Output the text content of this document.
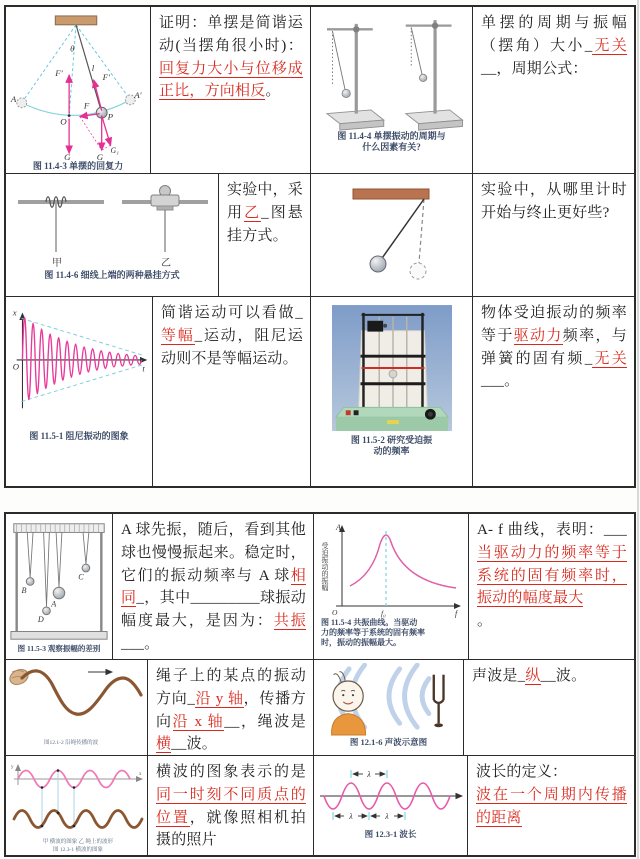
θ
l
F′	F′
F
P
O
A	A′
G	G
G₁
图 11.4-3 单摆的回复力
证明：单摆是简谐运动(当摆角很小时)：回复力大小与位移成正比，方向相反。
图 11.4-4 单摆振动的周期与
什么因素有关?
单摆的周期与振幅（摆角）大小_无关__，周期公式：
甲	乙
图 11.4-6 细线上端的两种悬挂方式
实验中，采用乙_图悬挂方式。
实验中，从哪里计时开始与终止更好些?
x
O	t
图 11.5-1 阻尼振动的图象
简谐运动可以看做_等幅_运动，阻尼运动则不是等幅运动。
图 11.5-2 研究受迫振
动的频率
物体受迫振动的频率等于驱动力频率，与弹簧的固有频_无关___。
B
A
D
C
图 11.5-3 观察振幅的差别
A 球先振，随后，看到其他球也慢慢振起来。稳定时，它们的振动频率与 A 球相同_，其中_________球振动幅度最大，是因为：共振___。
受迫振动的振幅
A
O	f₀	f
图 11.5-4 共振曲线。当驱动
力的频率等于系统的固有频率
时，振动的振幅最大。
A- f 曲线，表明：___当驱动力的频率等于系统的固有频率时，振动的幅度最大
。
图12.1-2 沿绳传播的波
绳子上的某点的振动方向_沿 y 轴，传播方向沿 x 轴__，绳波是横__波。	图 12.1-6 声波示意图
声波是_纵__波。
y
x
甲 横波的图象 乙 绳上的波形
图 12.3-1 横波的图象
横波的图象表示的是同一时刻不同质点的位置，就像照相机拍摄的照片
λ
λ	λ
图 12.3-1 波长
波长的定义：
波在一个周期内传播的距离
